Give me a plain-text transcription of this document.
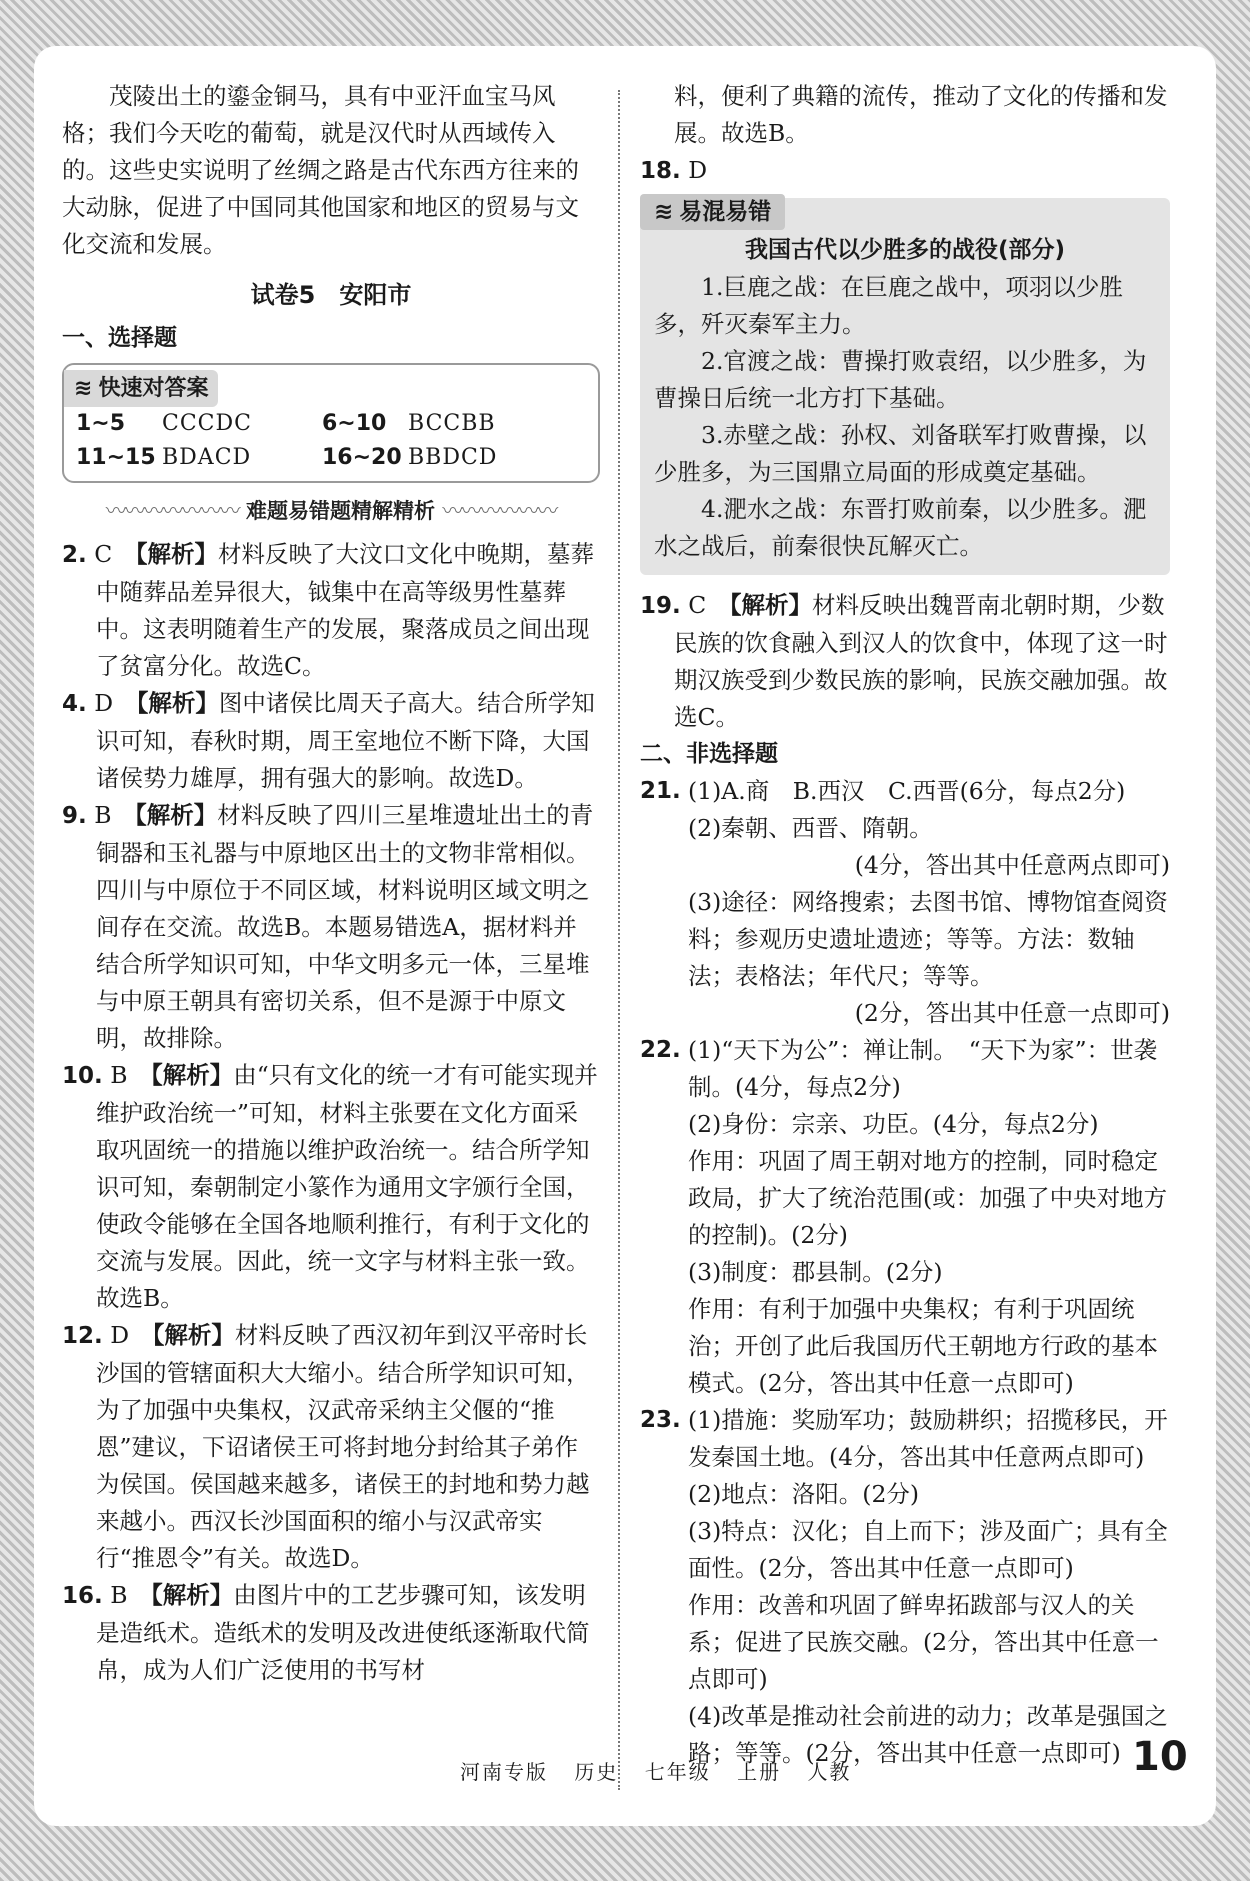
茂陵出土的鎏金铜马，具有中亚汗血宝马风格；我们今天吃的葡萄，就是汉代时从西域传入的。这些史实说明了丝绸之路是古代东西方往来的大动脉，促进了中国同其他国家和地区的贸易与文化交流和发展。

试卷5　安阳市
一、选择题
≋ 快速对答案
1~5	CCCDC	6~10 BCCBB
11~15 BDACD	16~20 BBDCD
〰〰〰〰〰〰〰 难题易错题精解精析 〰〰〰〰〰〰

2. C　 【解析】材料反映了大汶口文化中晚期，墓葬中随葬品差异很大，钺集中在高等级男性墓葬中。这表明随着生产的发展，聚落成员之间出现了贫富分化。故选C。

4. D　 【解析】图中诸侯比周天子高大。结合所学知识可知，春秋时期，周王室地位不断下降，大国诸侯势力雄厚，拥有强大的影响。故选D。

9. B　 【解析】材料反映了四川三星堆遗址出土的青铜器和玉礼器与中原地区出土的文物非常相似。四川与中原位于不同区域，材料说明区域文明之间存在交流。故选B。本题易错选A，据材料并结合所学知识可知，中华文明多元一体，三星堆与中原王朝具有密切关系，但不是源于中原文明，故排除。

10. B　 【解析】由“只有文化的统一才有可能实现并维护政治统一”可知，材料主张要在文化方面采取巩固统一的措施以维护政治统一。结合所学知识可知，秦朝制定小篆作为通用文字颁行全国，使政令能够在全国各地顺利推行，有利于文化的交流与发展。因此，统一文字与材料主张一致。故选B。

12. D　 【解析】材料反映了西汉初年到汉平帝时长沙国的管辖面积大大缩小。结合所学知识可知，为了加强中央集权，汉武帝采纳主父偃的“推恩”建议，下诏诸侯王可将封地分封给其子弟作为侯国。侯国越来越多，诸侯王的封地和势力越来越小。西汉长沙国面积的缩小与汉武帝实行“推恩令”有关。故选D。

16. B　 【解析】由图片中的工艺步骤可知，该发明是造纸术。造纸术的发明及改进使纸逐渐取代简帛，成为人们广泛使用的书写材

料，便利了典籍的流传，推动了文化的传播和发展。故选B。

18. D

≋ 易混易错
我国古代以少胜多的战役(部分)

1.巨鹿之战：在巨鹿之战中，项羽以少胜多，歼灭秦军主力。

2.官渡之战：曹操打败袁绍，以少胜多，为曹操日后统一北方打下基础。

3.赤壁之战：孙权、刘备联军打败曹操，以少胜多，为三国鼎立局面的形成奠定基础。

4.淝水之战：东晋打败前秦，以少胜多。淝水之战后，前秦很快瓦解灭亡。

19. C　 【解析】材料反映出魏晋南北朝时期，少数民族的饮食融入到汉人的饮食中，体现了这一时期汉族受到少数民族的影响，民族交融加强。故选C。

二、非选择题
21. (1)A.商　B.西汉　C.西晋(6分，每点2分)

(2)秦朝、西晋、隋朝。

(4分，答出其中任意两点即可)

(3)途径：网络搜索；去图书馆、博物馆查阅资料；参观历史遗址遗迹；等等。方法：数轴法；表格法；年代尺；等等。

(2分，答出其中任意一点即可)

22. (1)“天下为公”：禅让制。　“天下为家”：世袭制。(4分，每点2分)

(2)身份：宗亲、功臣。(4分，每点2分)

作用：巩固了周王朝对地方的控制，同时稳定政局，扩大了统治范围(或：加强了中央对地方的控制)。(2分)

(3)制度：郡县制。(2分)

作用：有利于加强中央集权；有利于巩固统治；开创了此后我国历代王朝地方行政的基本模式。(2分，答出其中任意一点即可)

23. (1)措施：奖励军功；鼓励耕织；招揽移民，开发秦国土地。(4分，答出其中任意两点即可)

(2)地点：洛阳。(2分)

(3)特点：汉化；自上而下；涉及面广；具有全面性。(2分，答出其中任意一点即可)

作用：改善和巩固了鲜卑拓跋部与汉人的关系；促进了民族交融。(2分，答出其中任意一点即可)

(4)改革是推动社会前进的动力；改革是强国之路；等等。(2分，答出其中任意一点即可)

河南专版 历史 七年级 上册 人教	10
